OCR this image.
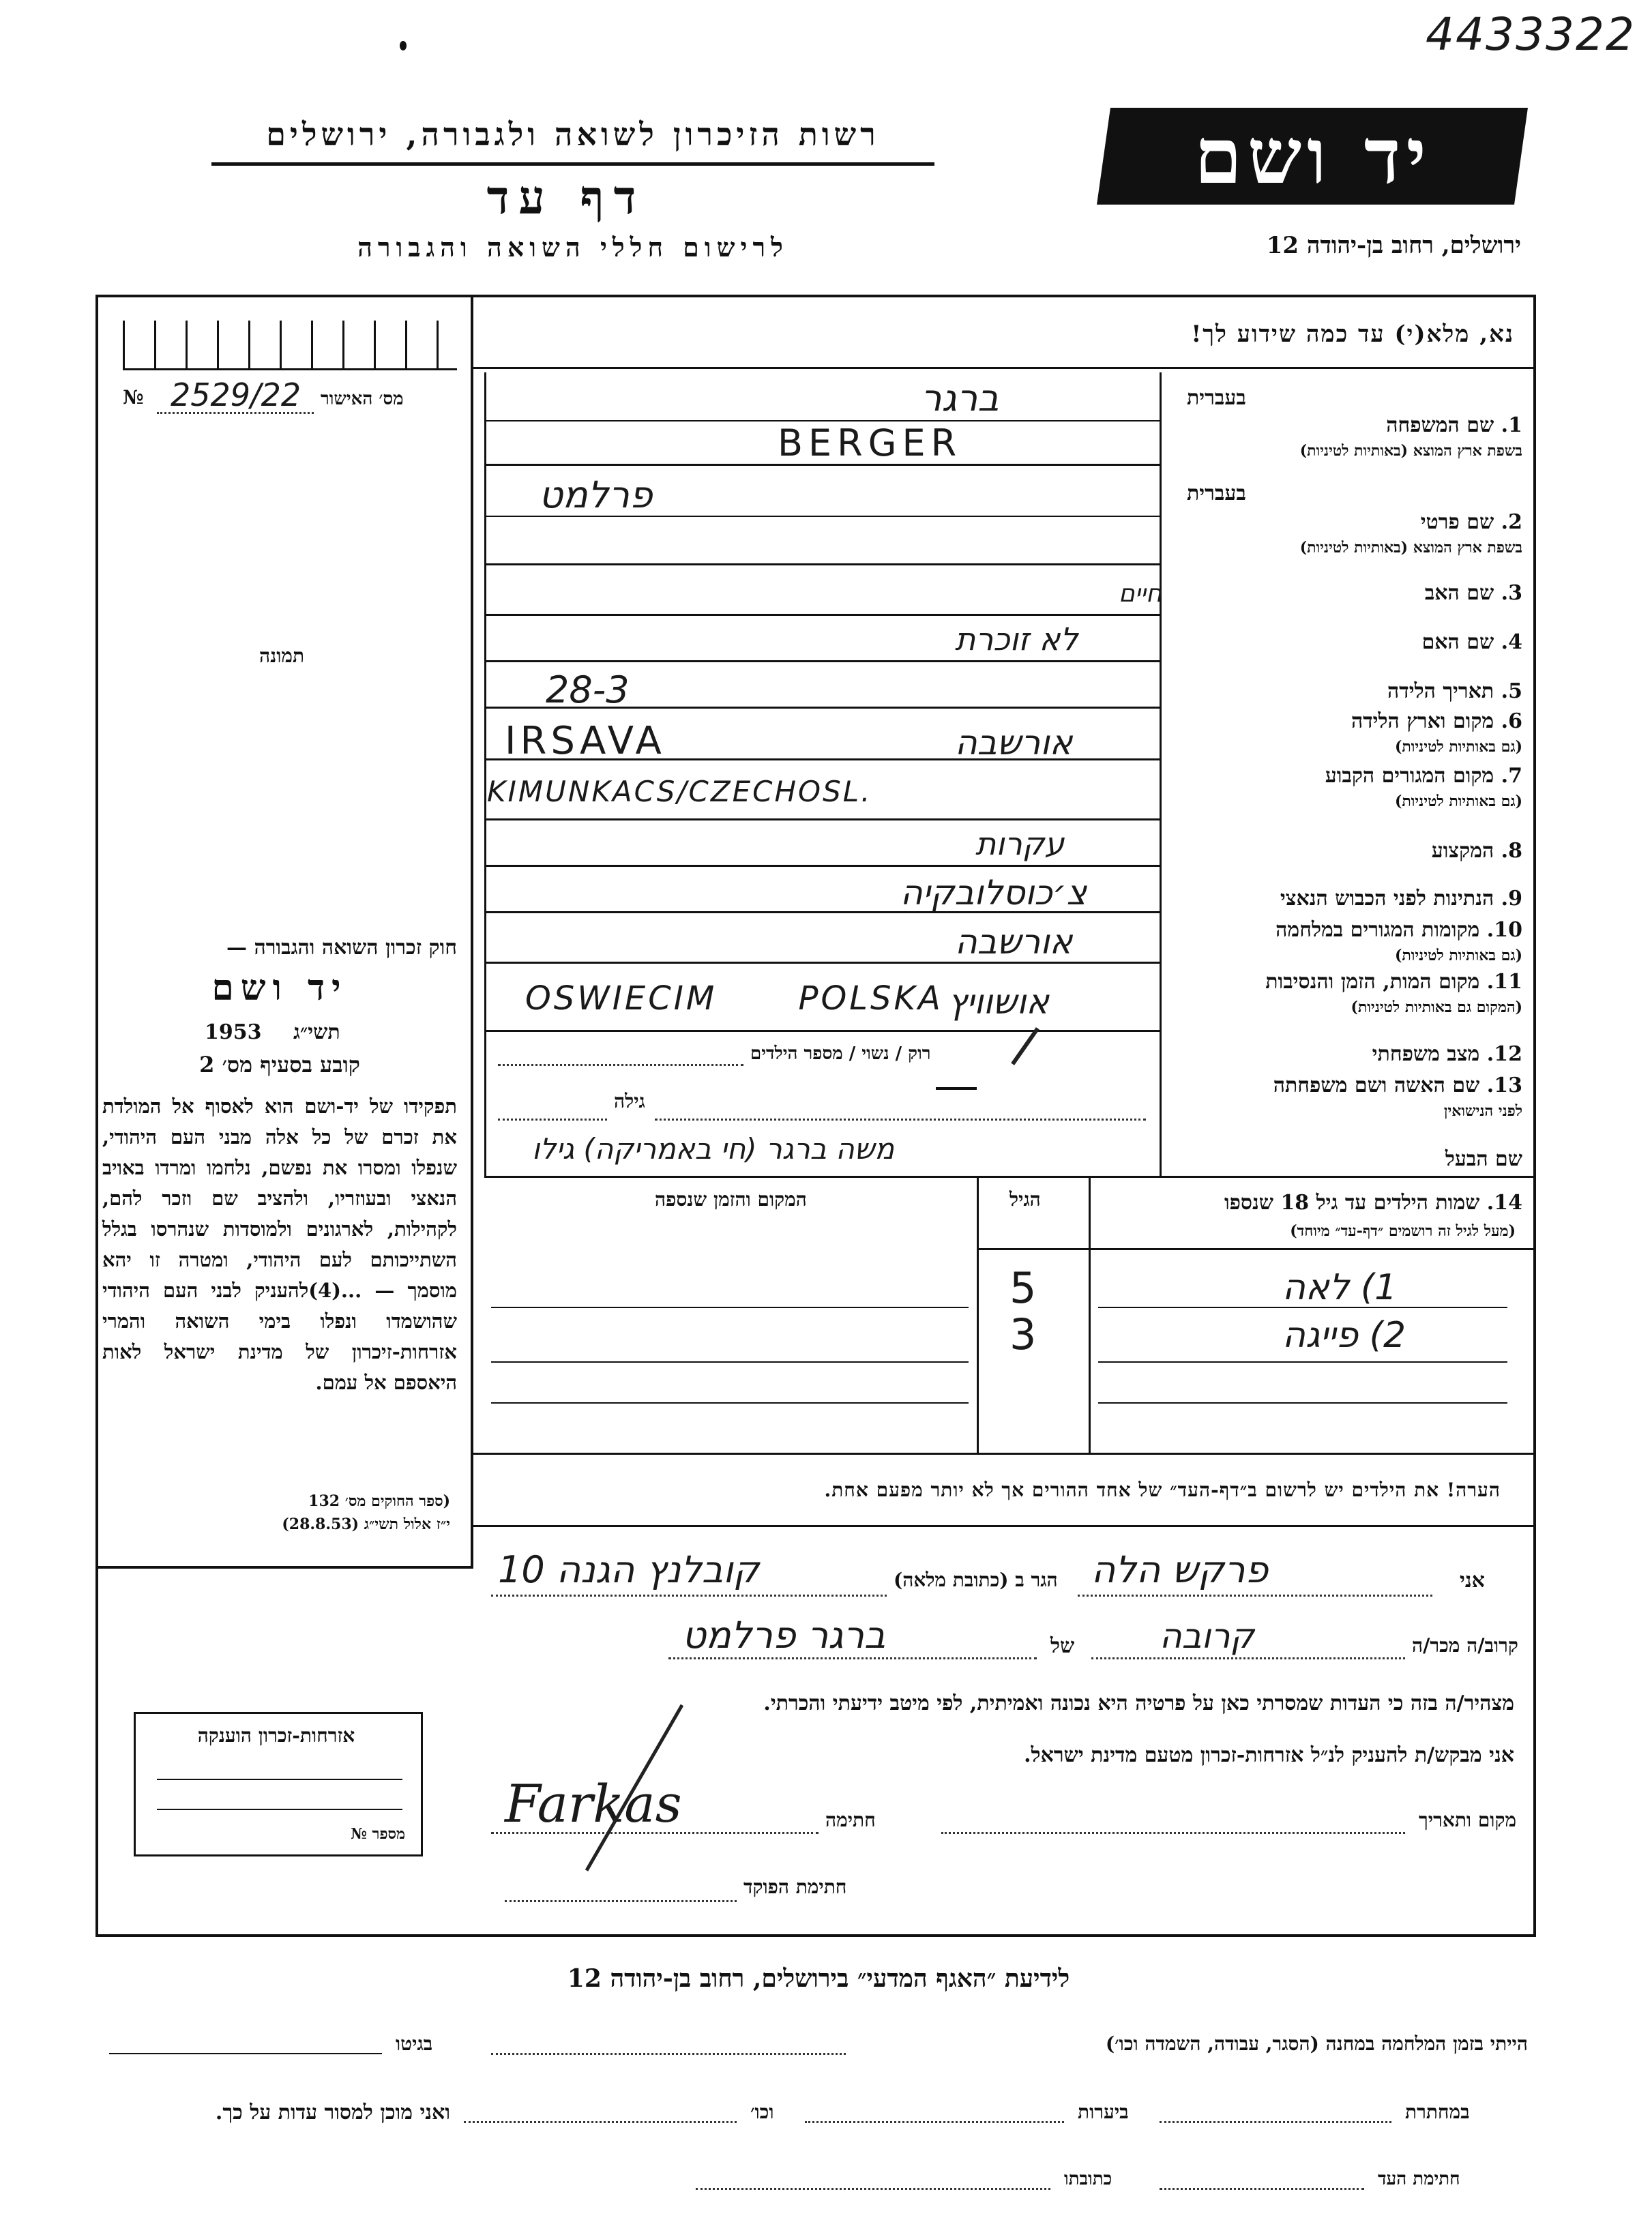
4433322
רשות הזיכרון לשואה ולגבורה, ירושלים
דף עד
לרישום חללי השואה והגבורה
יד ושם
ירושלים, רחוב בן-יהודה 12
מס׳ האישור
№ 2529/22
תמונה
חוק זכרון השואה והגבורה —
יד ושם
תשי״ג
1953
קובע בסעיף מס׳ 2
תפקידו של יד-ושם הוא לאסוף אל המולדת את זכרם של כל אלה מבני העם היהודי, שנפלו ומסרו את נפשם, נלחמו ומרדו באויב הנאצי ובעוזריו, ולהציב שם וזכר להם, לקהילות, לארגונים ולמוסדות שנהרסו בגלל השתייכותם לעם היהודי, ומטרה זו יהא מוסמך — ...(4)להעניק לבני העם היהודי שהושמדו ונפלו בימי השואה והמרי אזרחות-זיכרון של מדינת ישראל לאות היאספם אל עמם.
(ספר החוקים מס׳ 132
י״ז אלול תשי״ג (28.8.53)
אזרחות-זכרון הוענקה
מספר №
נא, מלא(י) עד כמה שידוע לך!
בעברית
בעברית
1. שם המשפחה
בשפת ארץ המוצא (באותיות לטיניות)
2. שם פרטי
בשפת ארץ המוצא (באותיות לטיניות)
3. שם האב
4. שם האם
5. תאריך הלידה
6. מקום וארץ הלידה
(גם באותיות לטיניות)
7. מקום המגורים הקבוע
(גם באותיות לטיניות)
8. המקצוע
9. הנתינות לפני הכבוש הנאצי
10. מקומות המגורים במלחמה
(גם באותיות לטיניות)
11. מקום המות, הזמן והנסיבות
(המקום גם באותיות לטיניות)
12. מצב משפחתי
13. שם האשה ושם משפחתה
לפני הנישואין
שם הבעל
ברגר
BERGER
פרלמט
חיים
לא זוכרת
28-3
IRSAVA	אורשבה
KIMUNKACS/CZECHOSL.
עקרות
צ׳כוסלובקיה
אורשבה
OSWIECIM POLSKA אושוויץ
רוק / נשוי / מספר הילדים
גילה
משה ברגר (חי באמריקה) גילו
14. שמות הילדים עד גיל 18 שנספו
(מעל לגיל זה רושמים ״דף-עד״ מיוחד)
הגיל
המקום והזמן שנספה
1) לאה
5
2) פייגה
3
הערה! את הילדים יש לרשום ב״דף-העד״ של אחד ההורים אך לא יותר מפעם אחת.
אני
פרקש הלה
הגר ב (כתובת מלאה)
קובלנץ הגנה 10
קרוב/ה מכר/ה
קרובה
של
ברגר פרלמט
מצהיר/ה בזה כי העדות שמסרתי כאן על פרטיה היא נכונה ואמיתית, לפי מיטב ידיעתי והכרתי.
אני מבקש/ת להעניק לנ״ל אזרחות-זכרון מטעם מדינת ישראל.
מקום ותאריך
חתימה
Farkas
חתימת הפוקד
לידיעת ״האגף המדעי״ בירושלים, רחוב בן-יהודה 12
הייתי בזמן המלחמה במחנה (הסגר, עבודה, השמדה וכו׳)
בגיטו
במחתרת
ביערות
וכו׳
ואני מוכן למסור עדות על כך.
חתימת העד
כתובתו
